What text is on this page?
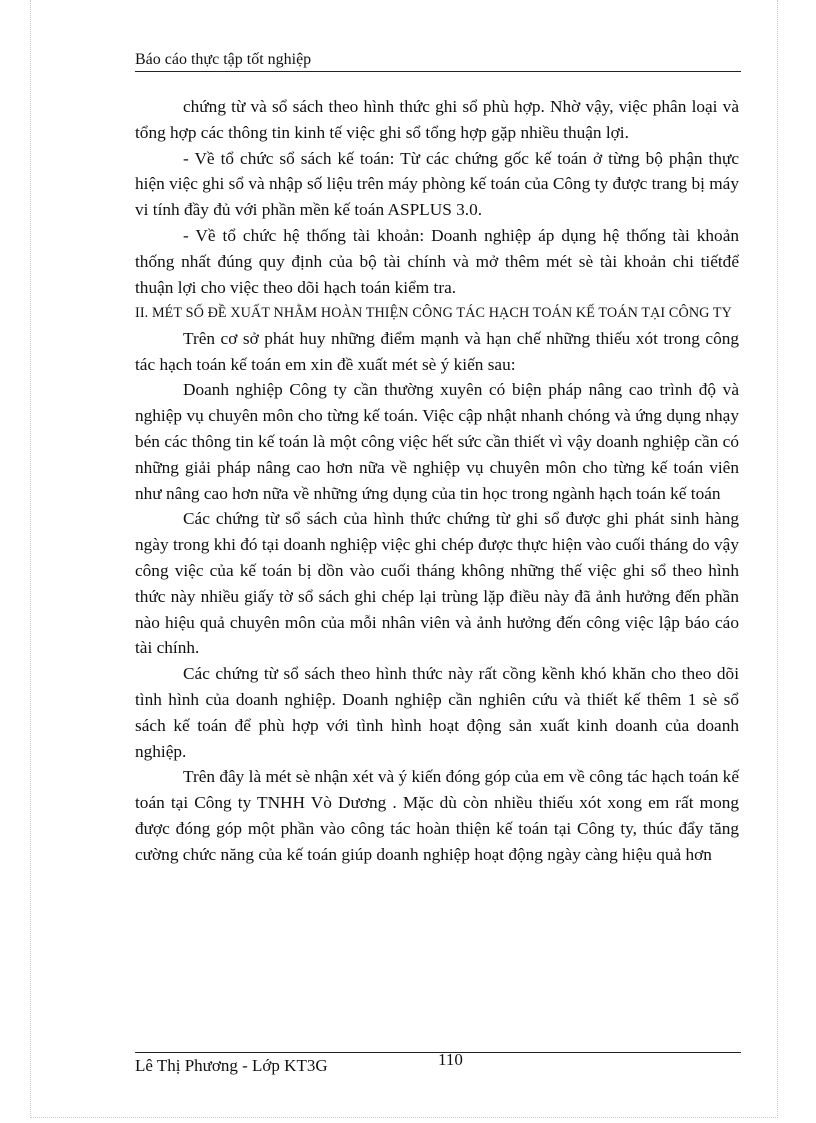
Báo cáo thực tập tốt nghiệp

chứng từ và sổ sách theo hình thức ghi sổ phù hợp. Nhờ vậy, việc phân loại và tổng hợp các thông tin kinh tế việc ghi sổ tổng hợp gặp nhiều thuận lợi.

- Về tổ chức sổ sách kế toán: Từ các chứng gốc kế toán ở từng bộ phận thực hiện việc ghi sổ và nhập số liệu trên máy phòng kế toán của Công ty được trang bị máy vi tính đầy đủ với phần mền kế toán ASPLUS 3.0.

- Về tổ chức hệ thống tài khoản: Doanh nghiệp áp dụng hệ thống tài khoản thống nhất đúng quy định của bộ tài chính và mở thêm mét sè tài khoản chi tiếtđể thuận lợi cho việc theo dõi hạch toán kiểm tra.

II. MÉT SỐ ĐỀ XUẤT NHẰM HOÀN THIỆN CÔNG TÁC HẠCH TOÁN KẾ TOÁN TẠI CÔNG TY

Trên cơ sở phát huy những điểm mạnh và hạn chế những thiếu xót trong công tác hạch toán kế toán em xin đề xuất mét sè ý kiến sau:

Doanh nghiệp Công ty cần thường xuyên có biện pháp nâng cao trình độ và nghiệp vụ chuyên môn cho từng kế toán. Việc cập nhật nhanh chóng và ứng dụng nhạy bén các thông tin kế toán là một công việc hết sức cần thiết vì vậy doanh nghiệp cần có những giải pháp nâng cao hơn nữa về nghiệp vụ chuyên môn cho từng kế toán viên như nâng cao hơn nữa về những ứng dụng của tin học trong ngành hạch toán kế toán

Các chứng từ sổ sách của hình thức chứng từ ghi sổ được ghi phát sinh hàng ngày trong khi đó tại doanh nghiệp việc ghi chép được thực hiện vào cuối tháng do vậy công việc của kế toán bị dồn vào cuối tháng không những thế việc ghi sổ theo hình thức này nhiều giấy tờ sổ sách ghi chép lại trùng lặp điều này đã ảnh hưởng đến phần nào hiệu quả chuyên môn của mỗi nhân viên và ảnh hưởng đến công việc lập báo cáo tài chính.

Các chứng từ sổ sách theo hình thức này rất cồng kềnh khó khăn cho theo dõi tình hình của doanh nghiệp. Doanh nghiệp cần nghiên cứu và thiết kế thêm 1 sè sổ sách kế toán để phù hợp với tình hình hoạt động sản xuất kinh doanh của doanh nghiệp.

Trên đây là mét sè nhận xét và ý kiến đóng góp của em về công tác hạch toán kế toán tại Công ty TNHH Vò Dương . Mặc dù còn nhiều thiếu xót xong em rất mong được đóng góp một phần vào công tác hoàn thiện kế toán tại Công ty, thúc đẩy tăng cường chức năng của kế toán giúp doanh nghiệp hoạt động ngày càng hiệu quả hơn

Lê Thị Phương - Lớp KT3G	110
